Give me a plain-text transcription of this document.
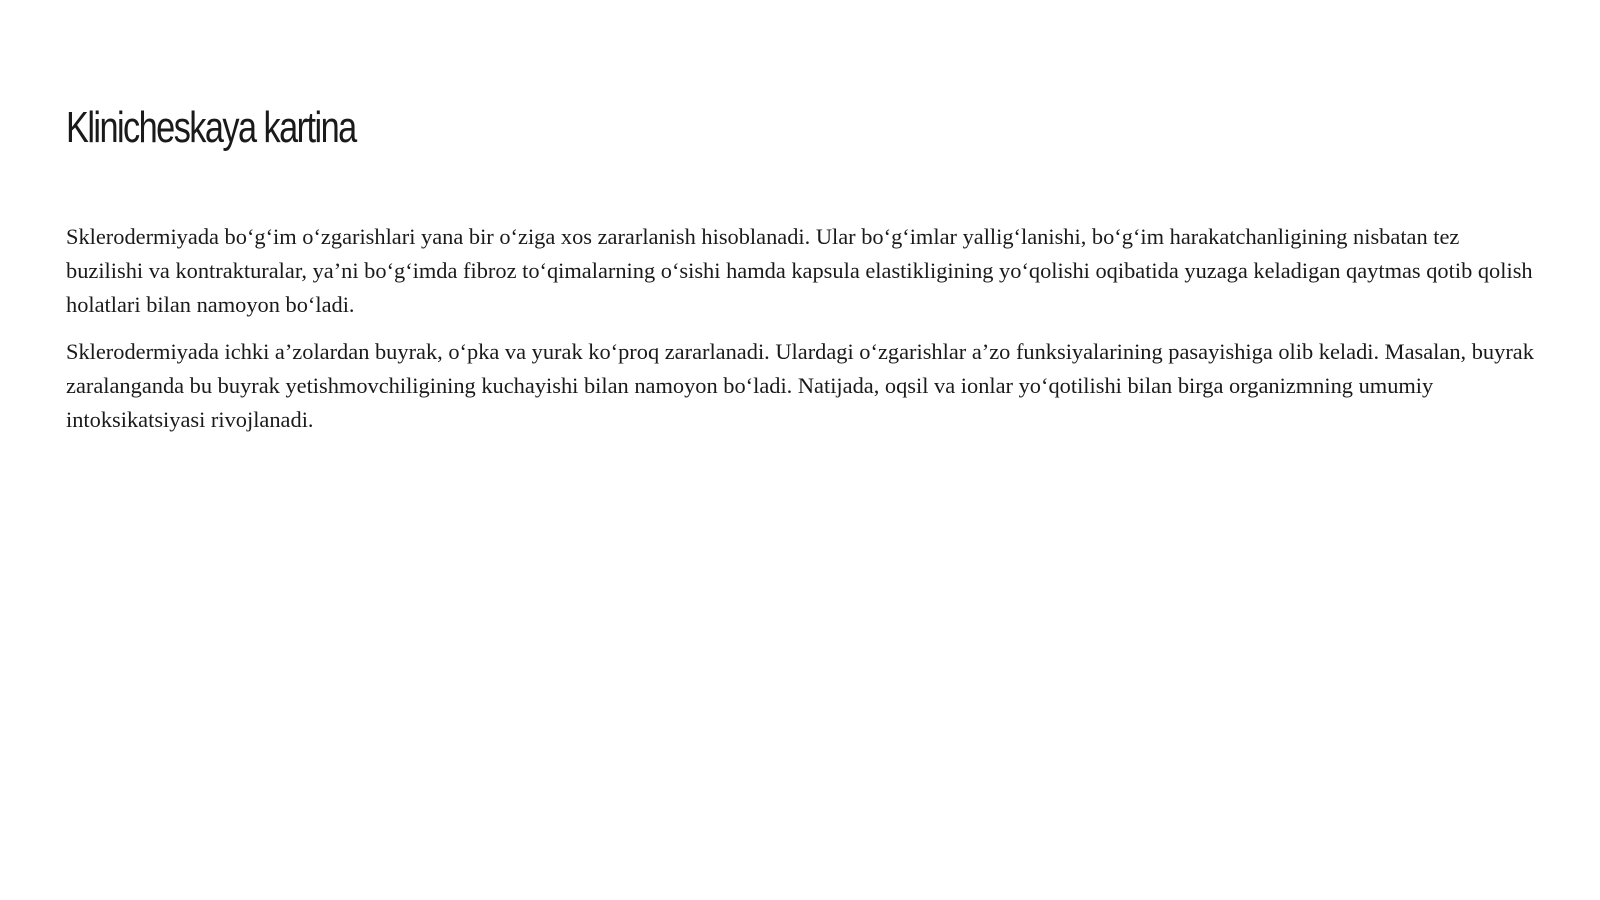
Klinicheskaya kartina

Sklerodermiyada bo‘g‘im o‘zgarishlari yana bir o‘ziga xos zararlanish hisoblanadi. Ular bo‘g‘imlar yallig‘lanishi, bo‘g‘im harakatchanligining nisbatan tez buzilishi va kontrakturalar, ya’ni bo‘g‘imda fibroz to‘qimalarning o‘sishi hamda kapsula elastikligining yo‘qolishi oqibatida yuzaga keladigan qaytmas qotib qolish holatlari bilan namoyon bo‘ladi.

Sklerodermiyada ichki a’zolardan buyrak, o‘pka va yurak ko‘proq zararlanadi. Ulardagi o‘zgarishlar a’zo funksiyalarining pasayishiga olib keladi. Masalan, buyrak zaralanganda bu buyrak yetishmovchiligining kuchayishi bilan namoyon bo‘ladi. Natijada, oqsil va ionlar yo‘qotilishi bilan birga organizmning umumiy intoksikatsiyasi rivojlanadi.
